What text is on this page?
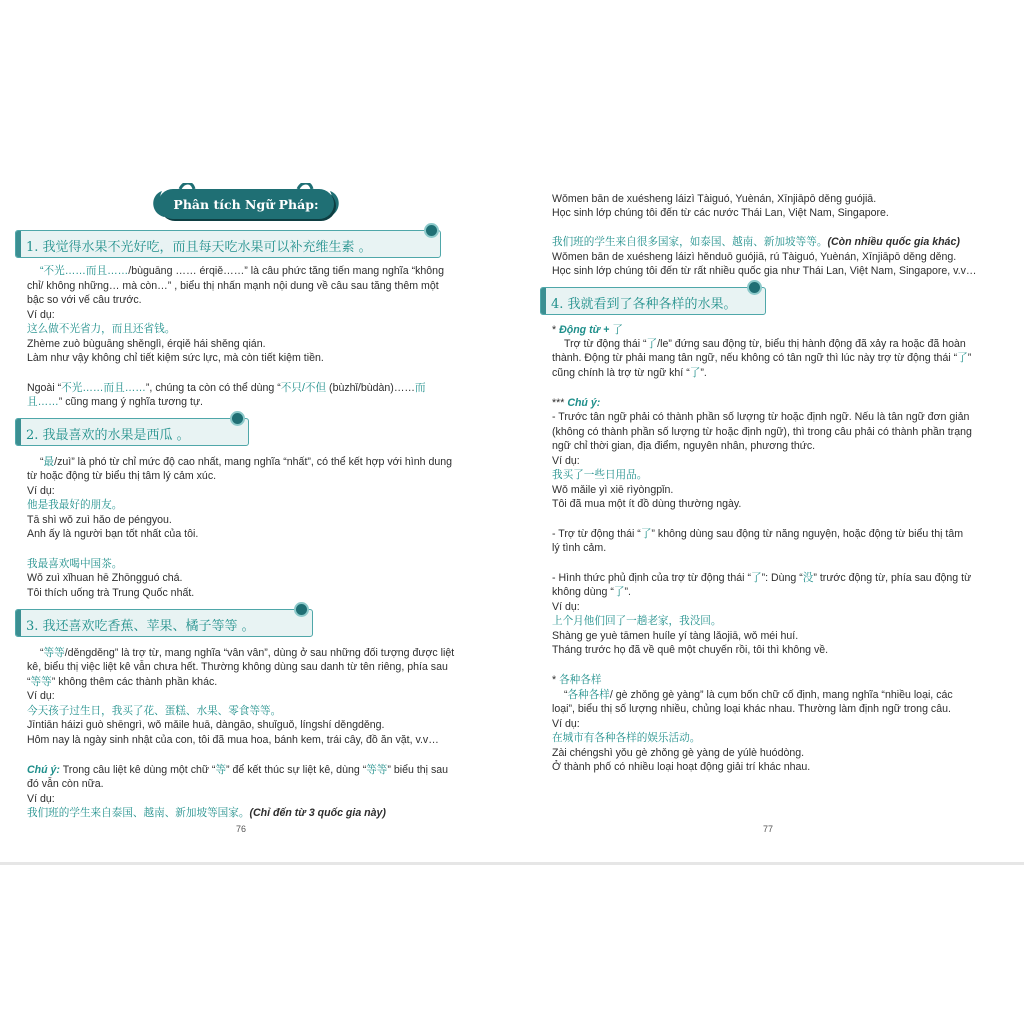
Phân tích Ngữ Pháp:
1. 我觉得水果不光好吃，而且每天吃水果可以补充维生素 。
“不光……而且……/bùguāng …… érqiě……” là câu phức tăng tiến mang nghĩa “không
chỉ/ không những… mà còn…” , biểu thị nhấn mạnh nội dung về câu sau tăng thêm một
bậc so với vế câu trước.
Ví dụ:
这么做不光省力，而且还省钱。
Zhème zuò bùguāng shěnglì, érqiě hái shěng qián.
Làm như vậy không chỉ tiết kiệm sức lực, mà còn tiết kiệm tiền.
Ngoài “不光……而且……”, chúng ta còn có thể dùng “不只/不但 (bùzhǐ/bùdàn)……而
且……” cũng mang ý nghĩa tương tự.
2. 我最喜欢的水果是西瓜 。
“最/zuì” là phó từ chỉ mức độ cao nhất, mang nghĩa “nhất”, có thể kết hợp với hình dung
từ hoặc động từ biểu thị tâm lý cảm xúc.
Ví dụ:
他是我最好的朋友。
Tā shì wǒ zuì hǎo de péngyou.
Anh ấy là người bạn tốt nhất của tôi.
我最喜欢喝中国茶。
Wǒ zuì xǐhuan hē Zhōngguó chá.
Tôi thích uống trà Trung Quốc nhất.
3. 我还喜欢吃香蕉、苹果、橘子等等 。
“等等/děngděng” là trợ từ, mang nghĩa “vân vân”, dùng ở sau những đối tượng được liệt
kê, biểu thị việc liệt kê vẫn chưa hết. Thường không dùng sau danh từ tên riêng, phía sau
“等等” không thêm các thành phần khác.
Ví dụ:
今天孩子过生日，我买了花、蛋糕、水果、零食等等。
Jīntiān háizi guò shēngrì, wǒ mǎile huā, dàngāo, shuǐguǒ, língshí děngděng.
Hôm nay là ngày sinh nhật của con, tôi đã mua hoa, bánh kem, trái cây, đồ ăn vặt, v.v…
Chú ý: Trong câu liệt kê dùng một chữ “等” để kết thúc sự liệt kê, dùng “等等” biểu thị sau
đó vẫn còn nữa.
Ví dụ:
我们班的学生来自泰国、越南、新加坡等国家。(Chỉ đến từ 3 quốc gia này)
76
Wǒmen bān de xuésheng láizì Tàiguó, Yuènán, Xīnjiāpō děng guójiā.
Học sinh lớp chúng tôi đến từ các nước Thái Lan, Việt Nam, Singapore.
我们班的学生来自很多国家，如泰国、越南、新加坡等等。(Còn nhiều quốc gia khác)
Wǒmen bān de xuésheng láizì hěnduō guójiā, rú Tàiguó, Yuènán, Xīnjiāpō děng děng.
Học sinh lớp chúng tôi đến từ rất nhiều quốc gia như Thái Lan, Việt Nam, Singapore, v.v…
4. 我就看到了各种各样的水果。
* Động từ + 了
Trợ từ động thái “了/le” đứng sau động từ, biểu thị hành động đã xảy ra hoặc đã hoàn
thành. Động từ phải mang tân ngữ, nếu không có tân ngữ thì lúc này trợ từ động thái “了”
cũng chính là trợ từ ngữ khí “了”.
*** Chú ý:
- Trước tân ngữ phải có thành phần số lượng từ hoặc định ngữ. Nếu là tân ngữ đơn giản
(không có thành phần số lượng từ hoặc định ngữ), thì trong câu phải có thành phần trạng
ngữ chỉ thời gian, địa điểm, nguyên nhân, phương thức.
Ví dụ:
我买了一些日用品。
Wǒ mǎile yì xiē rìyòngpǐn.
Tôi đã mua một ít đồ dùng thường ngày.
- Trợ từ động thái “了” không dùng sau động từ năng nguyện, hoặc động từ biểu thị tâm
lý tình cảm.
- Hình thức phủ định của trợ từ động thái “了”: Dùng “没” trước động từ, phía sau động từ
không dùng “了”.
Ví dụ:
上个月他们回了一趟老家，我没回。
Shàng ge yuè tāmen huíle yí tàng lǎojiā, wǒ méi huí.
Tháng trước họ đã về quê một chuyến rồi, tôi thì không về.
* 各种各样
“各种各样/ gè zhǒng gè yàng” là cụm bốn chữ cố định, mang nghĩa “nhiều loại, các
loại”, biểu thị số lượng nhiều, chủng loại khác nhau. Thường làm định ngữ trong câu.
Ví dụ:
在城市有各种各样的娱乐活动。
Zài chéngshì yǒu gè zhǒng gè yàng de yúlè huódòng.
Ở thành phố có nhiều loại hoạt động giải trí khác nhau.
77
